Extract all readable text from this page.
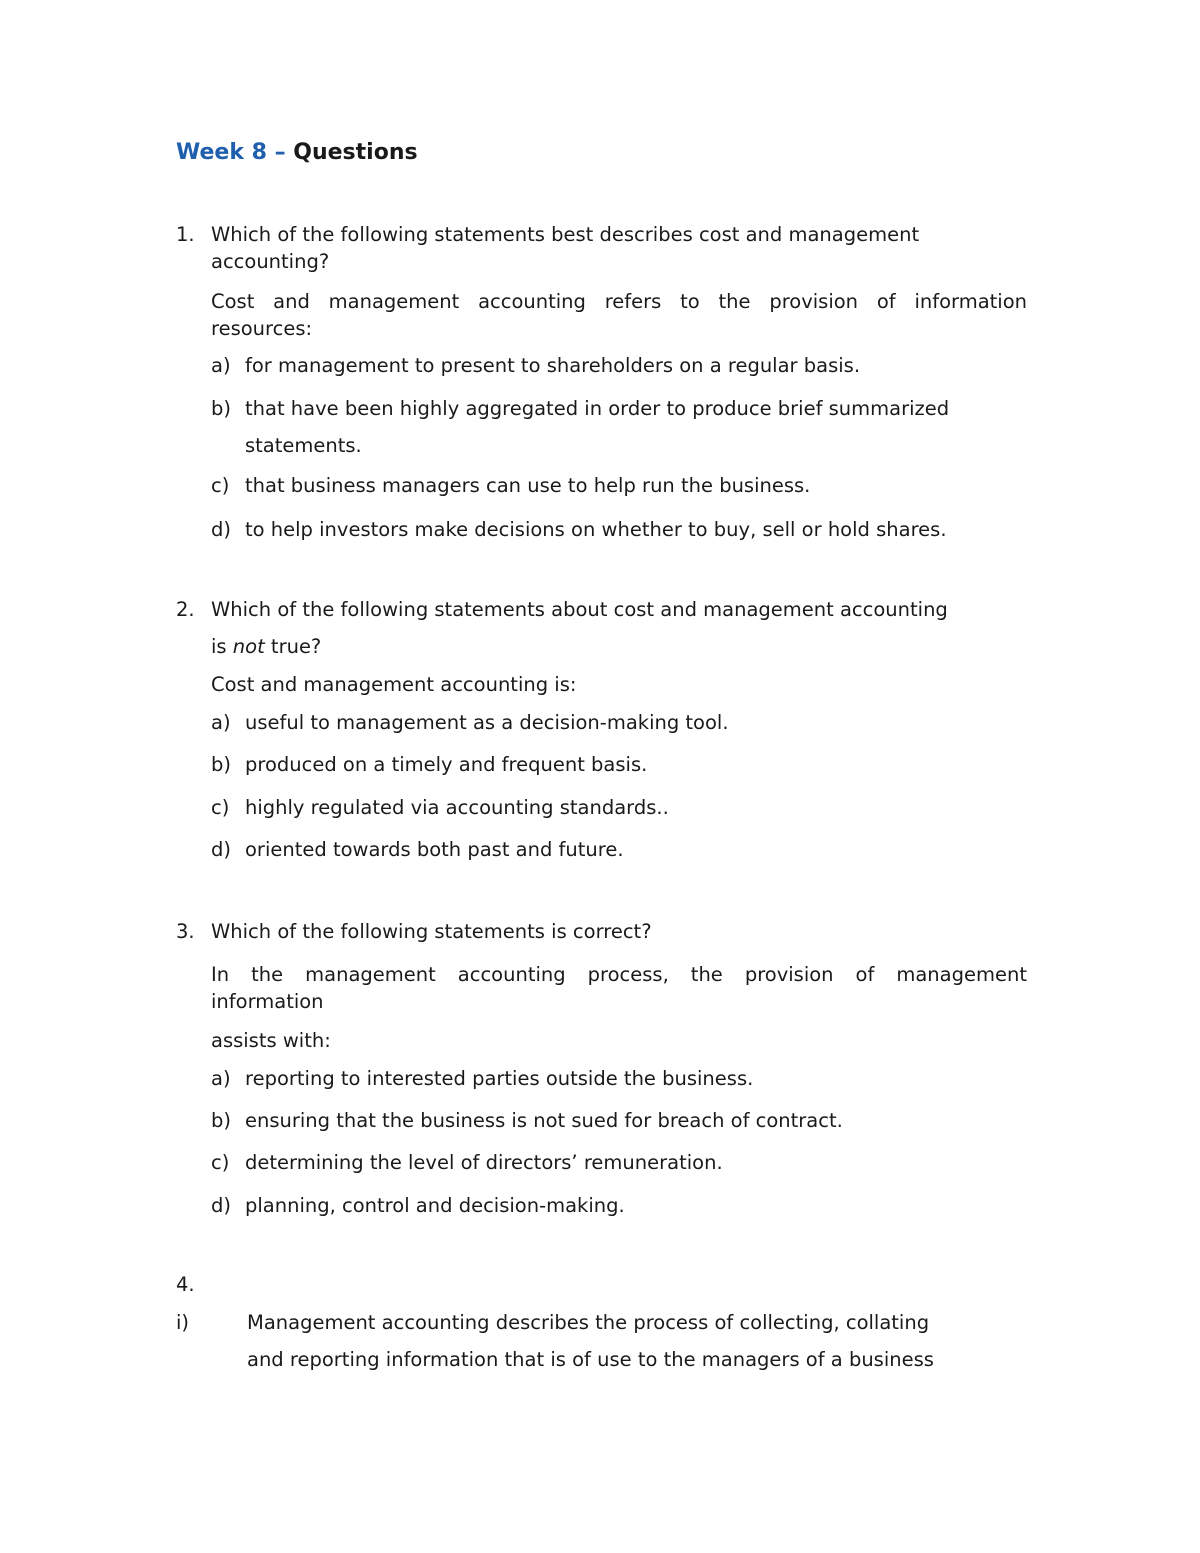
Week 8 – Questions
1. Which of the following statements best describes cost and management
accounting?
Cost and management accounting refers to the provision of information
resources:
a) for management to present to shareholders on a regular basis.
b) that have been highly aggregated in order to produce brief summarized
statements.
c) that business managers can use to help run the business.
d) to help investors make decisions on whether to buy, sell or hold shares.
2. Which of the following statements about cost and management accounting
is not true?
Cost and management accounting is:
a) useful to management as a decision-making tool.
b) produced on a timely and frequent basis.
c) highly regulated via accounting standards..
d) oriented towards both past and future.
3. Which of the following statements is correct?
In the management accounting process, the provision of management
information
assists with:
a) reporting to interested parties outside the business.
b) ensuring that the business is not sued for breach of contract.
c) determining the level of directors’ remuneration.
d) planning, control and decision-making.
4.
i)	Management accounting describes the process of collecting, collating
and reporting information that is of use to the managers of a business
